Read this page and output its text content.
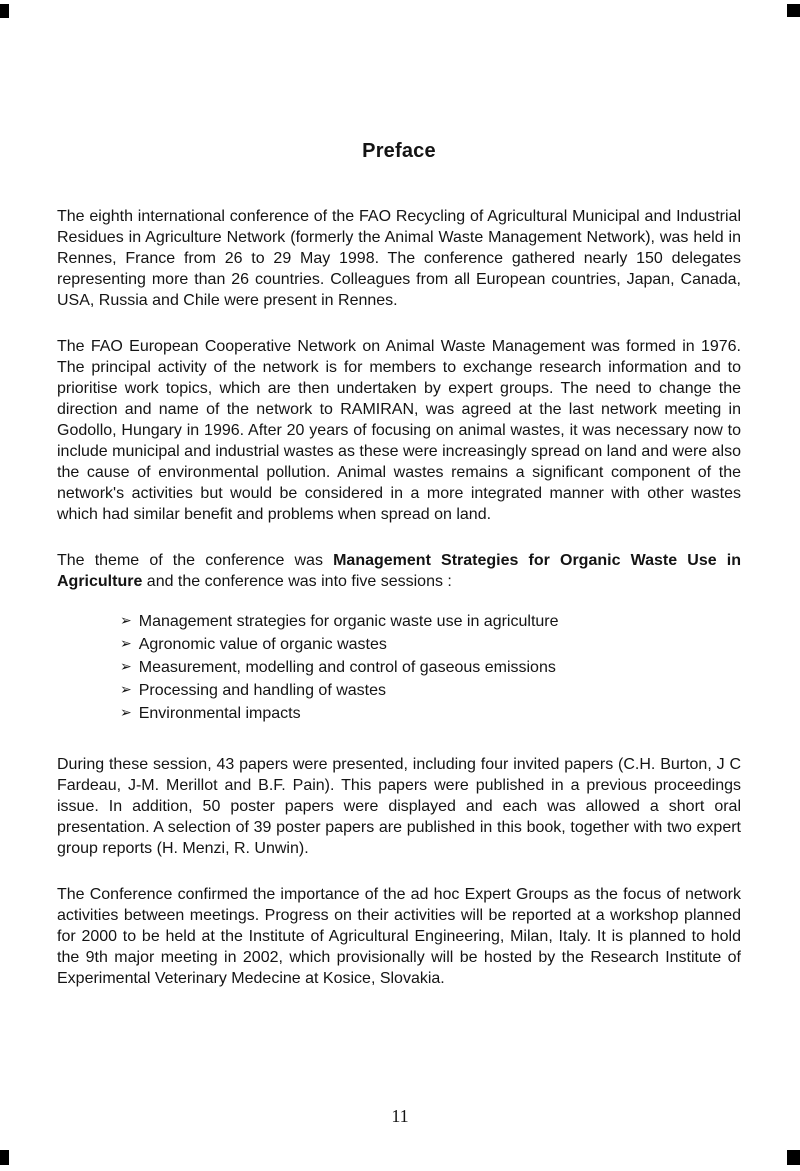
Preface

The eighth international conference of the FAO Recycling of Agricultural Municipal and Industrial Residues in Agriculture Network (formerly the Animal Waste Management Network), was held in Rennes, France from 26 to 29 May 1998. The conference gathered nearly 150 delegates representing more than 26 countries. Colleagues from all European countries, Japan, Canada, USA, Russia and Chile were present in Rennes.

The FAO European Cooperative Network on Animal Waste Management was formed in 1976. The principal activity of the network is for members to exchange research information and to prioritise work topics, which are then undertaken by expert groups. The need to change the direction and name of the network to RAMIRAN, was agreed at the last network meeting in Godollo, Hungary in 1996. After 20 years of focusing on animal wastes, it was necessary now to include municipal and industrial wastes as these were increasingly spread on land and were also the cause of environmental pollution. Animal wastes remains a significant component of the network's activities but would be considered in a more integrated manner with other wastes which had similar benefit and problems when spread on land.

The theme of the conference was Management Strategies for Organic Waste Use in Agriculture and the conference was into five sessions :

➢ Management strategies for organic waste use in agriculture
➢ Agronomic value of organic wastes
➢ Measurement, modelling and control of gaseous emissions
➢ Processing and handling of wastes
➢ Environmental impacts

During these session, 43 papers were presented, including four invited papers (C.H. Burton, J C Fardeau, J-M. Merillot and B.F. Pain). This papers were published in a previous proceedings issue. In addition, 50 poster papers were displayed and each was allowed a short oral presentation. A selection of 39 poster papers are published in this book, together with two expert group reports (H. Menzi, R. Unwin).

The Conference confirmed the importance of the ad hoc Expert Groups as the focus of network activities between meetings. Progress on their activities will be reported at a workshop planned for 2000 to be held at the Institute of Agricultural Engineering, Milan, Italy. It is planned to hold the 9th major meeting in 2002, which provisionally will be hosted by the Research Institute of Experimental Veterinary Medecine at Kosice, Slovakia.

11
